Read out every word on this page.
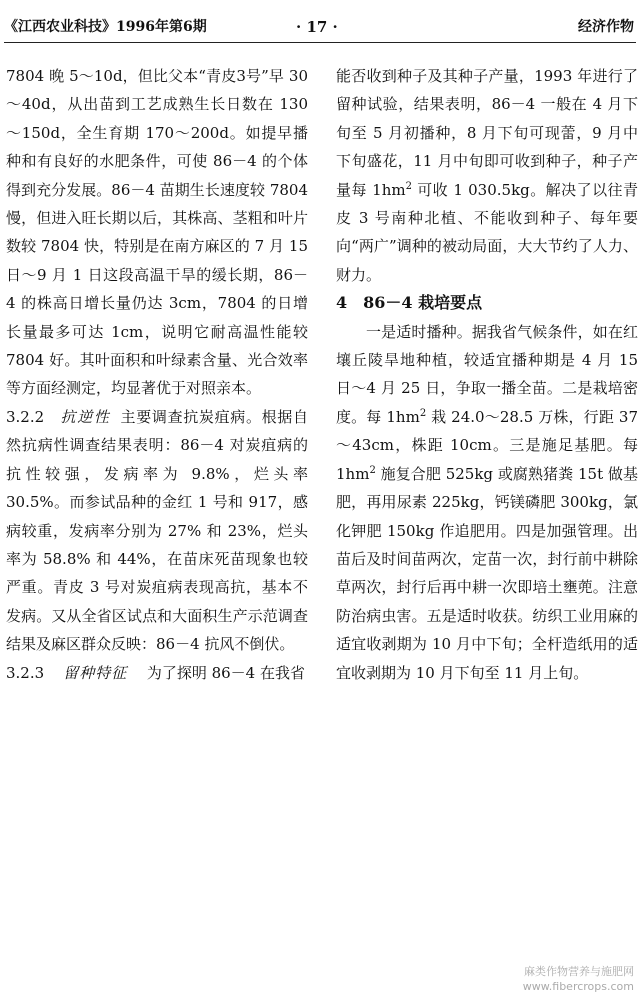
《江西农业科技》1996年第6期	· 17 ·	经济作物

7804 晚 5～10d，但比父本“青皮3号”早 30～40d，从出苗到工艺成熟生长日数在 130～150d，全生育期 170～200d。如提早播种和有良好的水肥条件，可使 86－4 的个体得到充分发展。86－4 苗期生长速度较 7804 慢，但进入旺长期以后，其株高、茎粗和叶片数较 7804 快，特别是在南方麻区的 7 月 15 日～9 月 1 日这段高温干旱的缓长期，86－4 的株高日增长量仍达 3cm，7804 的日增长量最多可达 1cm，说明它耐高温性能较 7804 好。其叶面积和叶绿素含量、光合效率等方面经测定，均显著优于对照亲本。

3.2.2 抗逆性 主要调查抗炭疽病。根据自然抗病性调查结果表明：86－4 对炭疽病的抗性较强，发病率为 9.8%，烂头率 30.5%。而参试品种的金红 1 号和 917，感病较重，发病率分别为 27% 和 23%，烂头率为 58.8% 和 44%，在苗床死苗现象也较严重。青皮 3 号对炭疽病表现高抗，基本不发病。又从全省区试点和大面积生产示范调查结果及麻区群众反映：86－4 抗风不倒伏。

3.2.3 留种特征 为了探明 86－4 在我省

能否收到种子及其种子产量，1993 年进行了留种试验，结果表明，86－4 一般在 4 月下旬至 5 月初播种，8 月下旬可现蕾，9 月中下旬盛花，11 月中旬即可收到种子，种子产量每 $1hm^2$ 可收 1 030.5kg。解决了以往青皮 3 号南种北植、不能收到种子、每年要向“两广”调种的被动局面，大大节约了人力、财力。

4　86－4 栽培要点

一是适时播种。据我省气候条件，如在红壤丘陵旱地种植，较适宜播种期是 4 月 15 日～4 月 25 日，争取一播全苗。二是栽培密度。每 $1hm^2$ 栽 24.0～28.5 万株，行距 37～43cm，株距 10cm。三是施足基肥。每 $1hm^2$ 施复合肥 525kg 或腐熟猪粪 15t 做基肥，再用尿素 225kg，钙镁磷肥 300kg，氯化钾肥 150kg 作追肥用。四是加强管理。出苗后及时间苗两次，定苗一次，封行前中耕除草两次，封行后再中耕一次即培土壅蔸。注意防治病虫害。五是适时收获。纺织工业用麻的适宜收剥期为 10 月中下旬；全杆造纸用的适宜收剥期为 10 月下旬至 11 月上旬。

麻类作物营养与施肥网
www.fibercrops.com
